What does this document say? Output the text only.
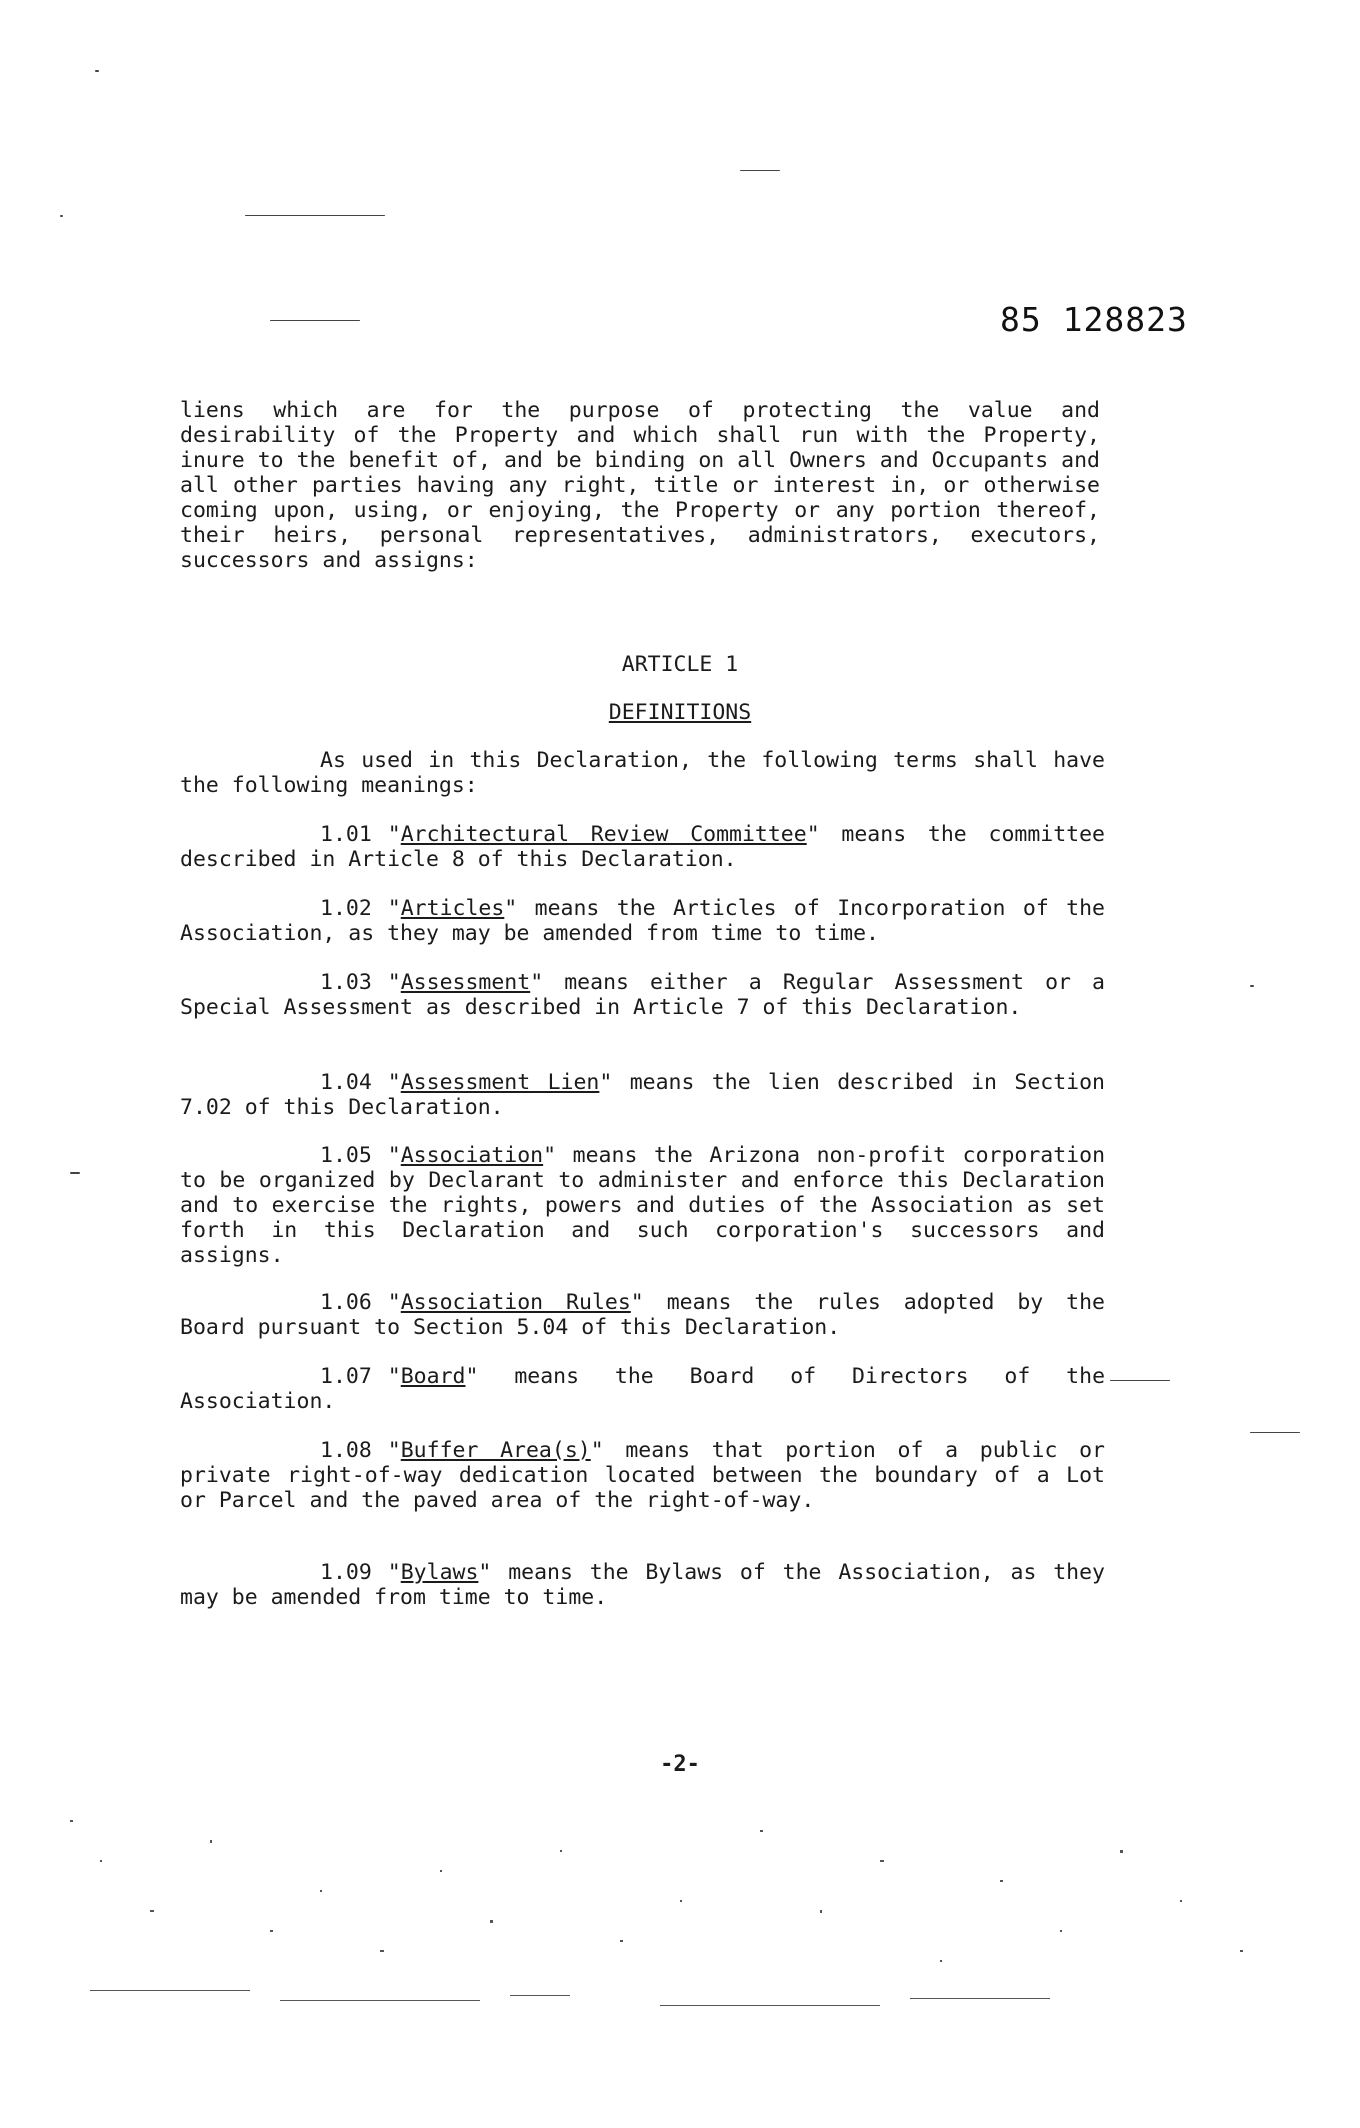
85 128823
liens which are for the purpose of protecting the value and desirability of the Property and which shall run with the Property, inure to the benefit of, and be binding on all Owners and Occupants and all other parties having any right, title or interest in, or otherwise coming upon, using, or enjoying, the Property or any portion thereof, their heirs, personal representatives, administrators, executors, successors and assigns:
ARTICLE 1
DEFINITIONS
As used in this Declaration, the following terms shall have the following meanings:
1.01 "Architectural Review Committee" means the committee described in Article 8 of this Declaration.
1.02 "Articles" means the Articles of Incorporation of the Association, as they may be amended from time to time.
1.03 "Assessment" means either a Regular Assessment or a Special Assessment as described in Article 7 of this Declaration.
1.04 "Assessment Lien" means the lien described in Section 7.02 of this Declaration.
1.05 "Association" means the Arizona non-profit corporation to be organized by Declarant to administer and enforce this Declaration and to exercise the rights, powers and duties of the Association as set forth in this Declaration and such corporation's successors and assigns.
1.06 "Association Rules" means the rules adopted by the Board pursuant to Section 5.04 of this Declaration.
1.07 "Board" means the Board of Directors of the Association.
1.08 "Buffer Area(s)" means that portion of a public or private right-of-way dedication located between the boundary of a Lot or Parcel and the paved area of the right-of-way.
1.09 "Bylaws" means the Bylaws of the Association, as they may be amended from time to time.
-2-
